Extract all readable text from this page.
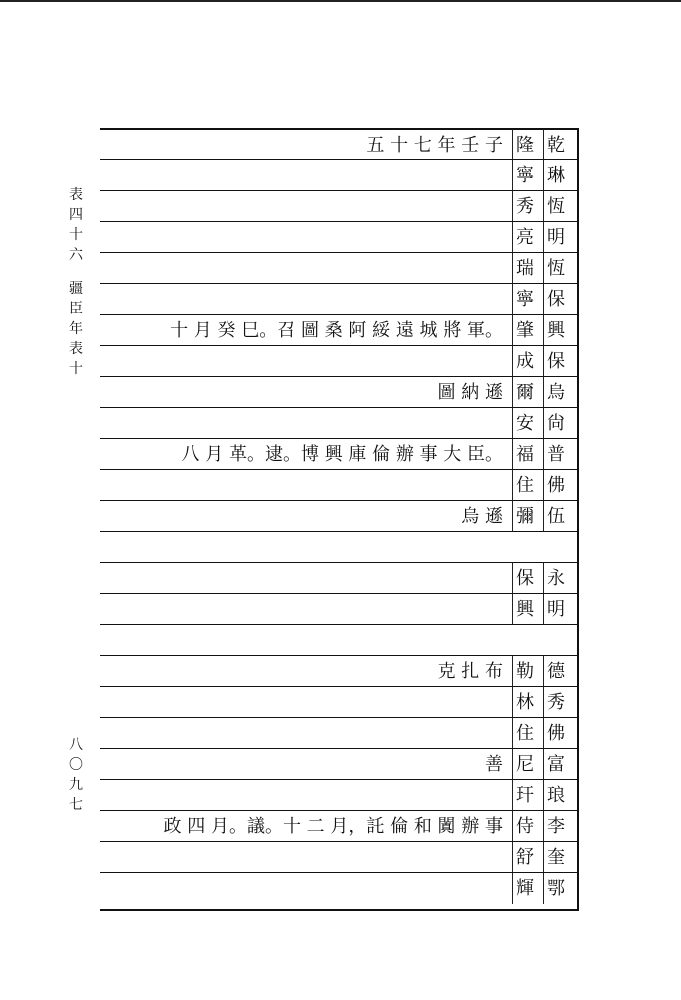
表
四
十
六
疆
臣
年
表
十
八
〇
九
七
乾
隆
五 十 七 年 壬 子
琳
寧
恆
秀
明
亮
恆
瑞
保
寧
興
肇
十 月 癸 巳。召 圖 桑 阿 綏 遠 城 將 軍。
保
成
烏
爾
圖 納 遜
尙
安
普
福
八 月 革。逮。博 興 庫 倫 辦 事 大 臣。
佛
住
伍
彌
烏 遜
永
保
明
興
德
勒
克 扎 布
秀
林
佛
住
富
尼
善
琅
玕
李
侍
政 四 月。議。十 二 月，託 倫 和 闐 辦 事
奎
舒
鄂
輝
